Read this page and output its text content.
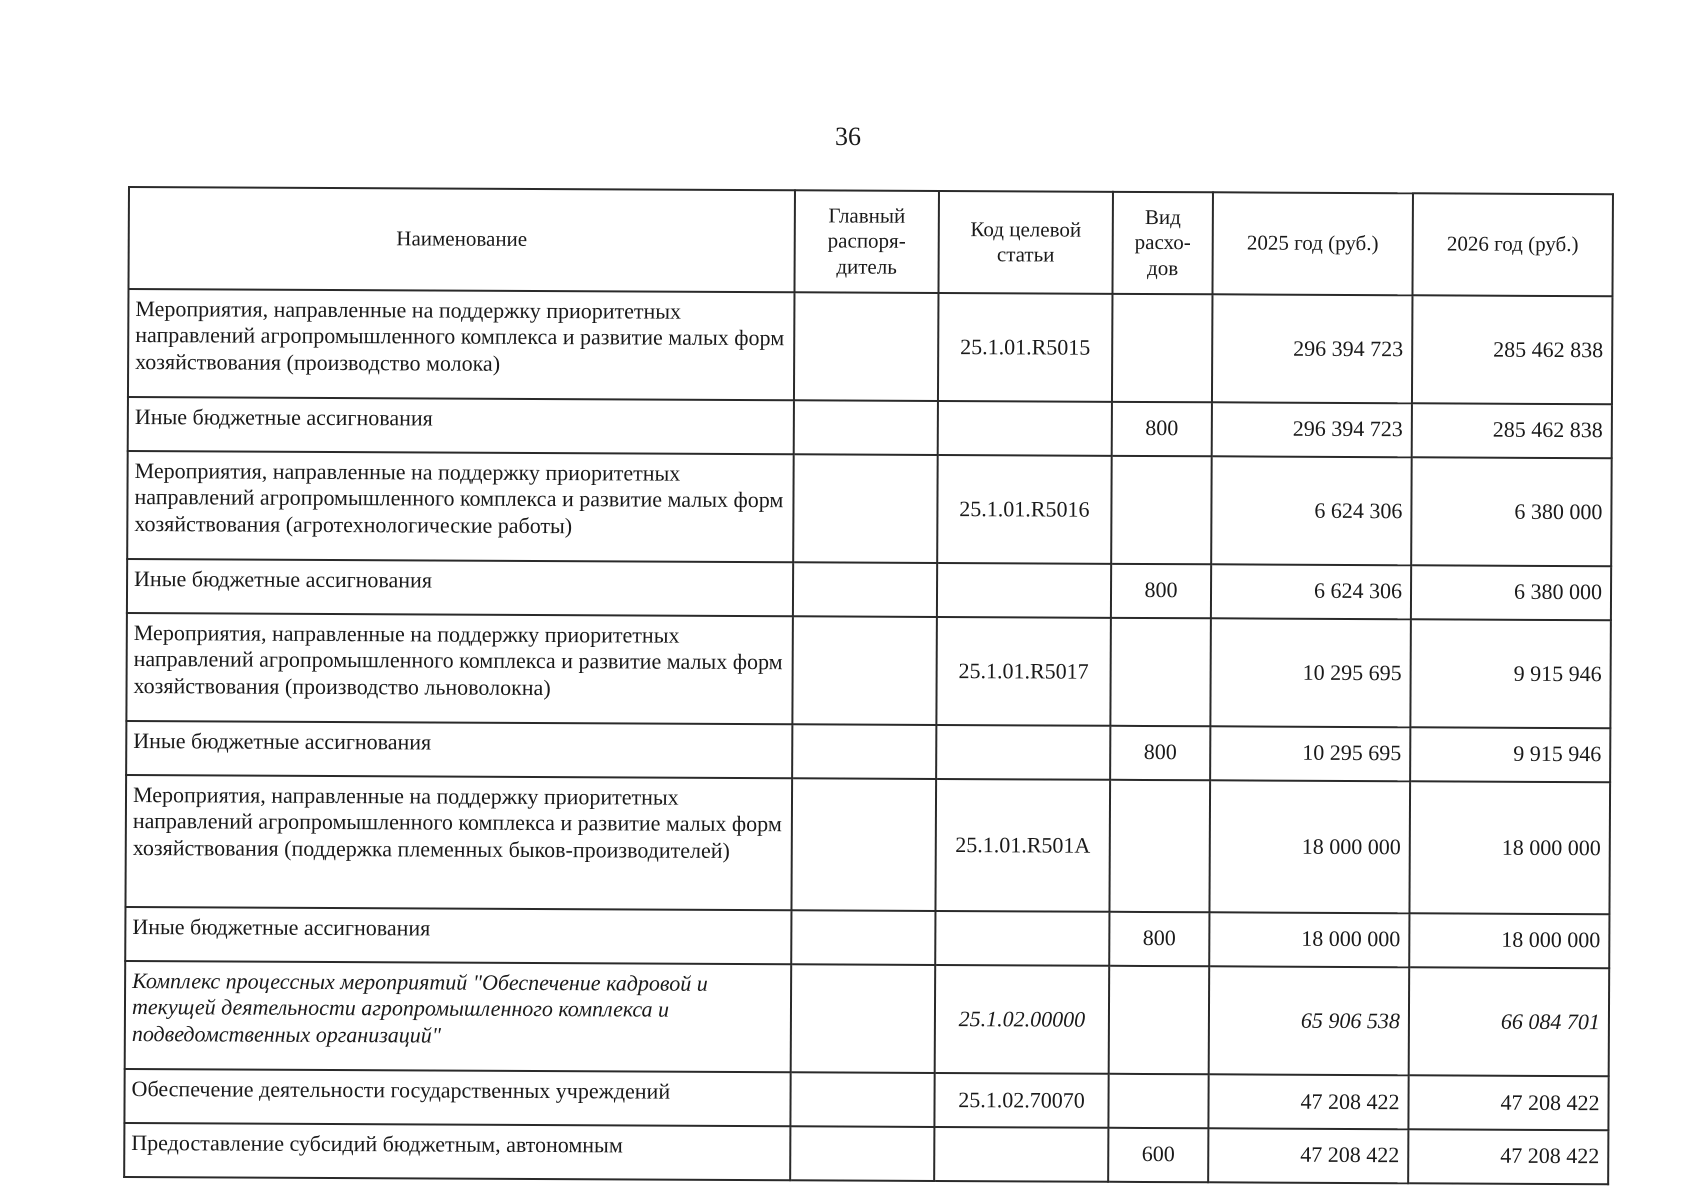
36
Наименование	Главный распоря-дитель	Код целевой статьи	Вид расхо-дов	2025 год (руб.)	2026 год (руб.)
Мероприятия, направленные на поддержку приоритетных направлений агропромышленного комплекса и развитие малых форм хозяйствования (производство молока)		25.1.01.R5015		296 394 723	285 462 838
Иные бюджетные ассигнования			800	296 394 723	285 462 838
Мероприятия, направленные на поддержку приоритетных направлений агропромышленного комплекса и развитие малых форм хозяйствования (агротехнологические работы)		25.1.01.R5016		6 624 306	6 380 000
Иные бюджетные ассигнования			800	6 624 306	6 380 000
Мероприятия, направленные на поддержку приоритетных направлений агропромышленного комплекса и развитие малых форм хозяйствования (производство льноволокна)		25.1.01.R5017		10 295 695	9 915 946
Иные бюджетные ассигнования			800	10 295 695	9 915 946
Мероприятия, направленные на поддержку приоритетных направлений агропромышленного комплекса и развитие малых форм хозяйствования (поддержка племенных быков-производителей)		25.1.01.R501A		18 000 000	18 000 000
Иные бюджетные ассигнования			800	18 000 000	18 000 000
Комплекс процессных мероприятий "Обеспечение кадровой и текущей деятельности агропромышленного комплекса и подведомственных организаций"		25.1.02.00000		65 906 538	66 084 701
Обеспечение деятельности государственных учреждений		25.1.02.70070		47 208 422	47 208 422
Предоставление субсидий бюджетным, автономным			600	47 208 422	47 208 422
